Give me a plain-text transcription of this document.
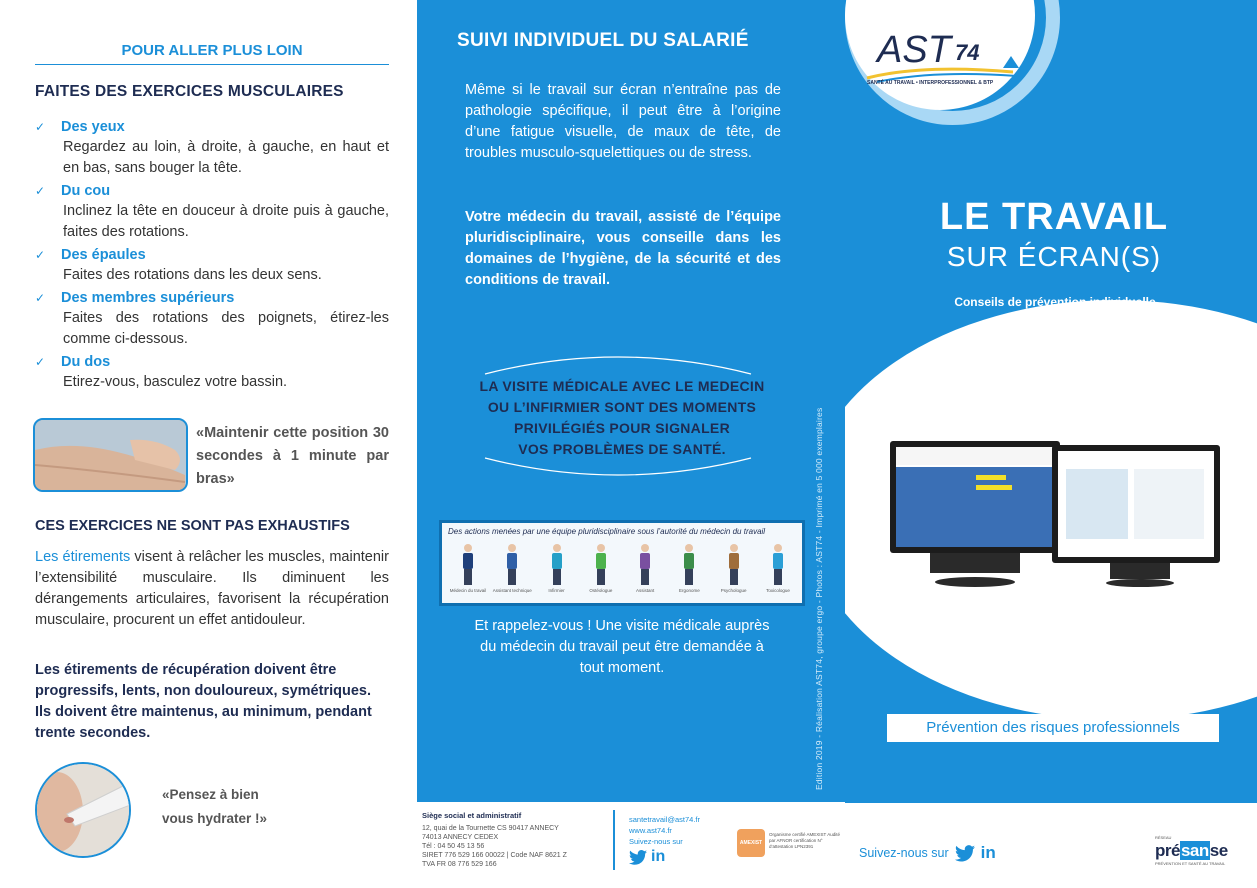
POUR ALLER PLUS LOIN
FAITES DES EXERCICES MUSCULAIRES
✓	Des yeux
Regardez au loin, à droite, à gauche, en haut et en bas, sans bouger la tête.
✓	Du cou
Inclinez la tête en douceur à droite puis à gauche, faites des rotations.
✓	Des épaules
Faites des rotations dans les deux sens.
✓	Des membres supérieurs
Faites des rotations des poignets, étirez-les comme ci-dessous.
✓	Du dos
Etirez-vous, basculez votre bassin.
«Maintenir cette position 30 secondes à 1 minute par bras»
CES EXERCICES NE SONT PAS EXHAUSTIFS

Les étirements visent à relâcher les muscles, maintenir l’extensibilité musculaire. Ils diminuent les dérangements articulaires, favorisent la récupération musculaire, procurent un effet antidouleur.

Les étirements de récupération doivent être progressifs, lents, non douloureux, symétriques. Ils doivent être maintenus, au minimum, pendant trente secondes.

«Pensez à bien
vous hydrater !»
SUIVI INDIVIDUEL DU SALARIÉ

Même si le travail sur écran n’entraîne pas de pathologie spécifique, il peut être à l’origine d’une fatigue visuelle, de maux de tête, de troubles musculo-squelettiques ou de stress.

Votre médecin du travail, assisté de l’équipe pluridisciplinaire, vous conseille dans les domaines de l’hygiène, de la sécurité et des conditions de travail.

LA VISITE MÉDICALE AVEC LE MEDECIN
OU L’INFIRMIER SONT DES MOMENTS
PRIVILÉGIÉS POUR SIGNALER
VOS PROBLÈMES DE SANTÉ.
Des actions menées par une équipe pluridisciplinaire sous l’autorité du médecin du travail
Médecin du travail Assistant technique	Infirmier	Ostéologue	Assistant	Ergonome	Psychologue	Toxicologue

Et rappelez-vous ! Une visite médicale auprès du médecin du travail peut être demandée à tout moment.	Edition 2019 - Réalisation AST74, groupe ergo - Photos : AST74 - Imprimé en 5 000 exemplaires
Siège social et administratif
12, quai de la Tournette CS 90417 ANNECY
74013 ANNECY CEDEX
Tél : 04 50 45 13 56
SIRET 776 529 166 00022 | Code NAF 8621 Z
TVA FR 08 776 529 166
santetravail@ast74.fr
www.ast74.fr
Suivez-nous sur
in
AMEXIST
Organisme certifié AMEXIST Audité par AFNOR certification N° d’attestation LPN2391
AST 74
SANTÉ AU TRAVAIL • INTERPROFESSIONNEL & BTP
LE TRAVAIL
SUR ÉCRAN(S)
Conseils de prévention individuelle
Prévention des risques professionnels
Suivez-nous sur in
RÉSEAU
présanse
PRÉVENTION ET SANTÉ AU TRAVAIL
